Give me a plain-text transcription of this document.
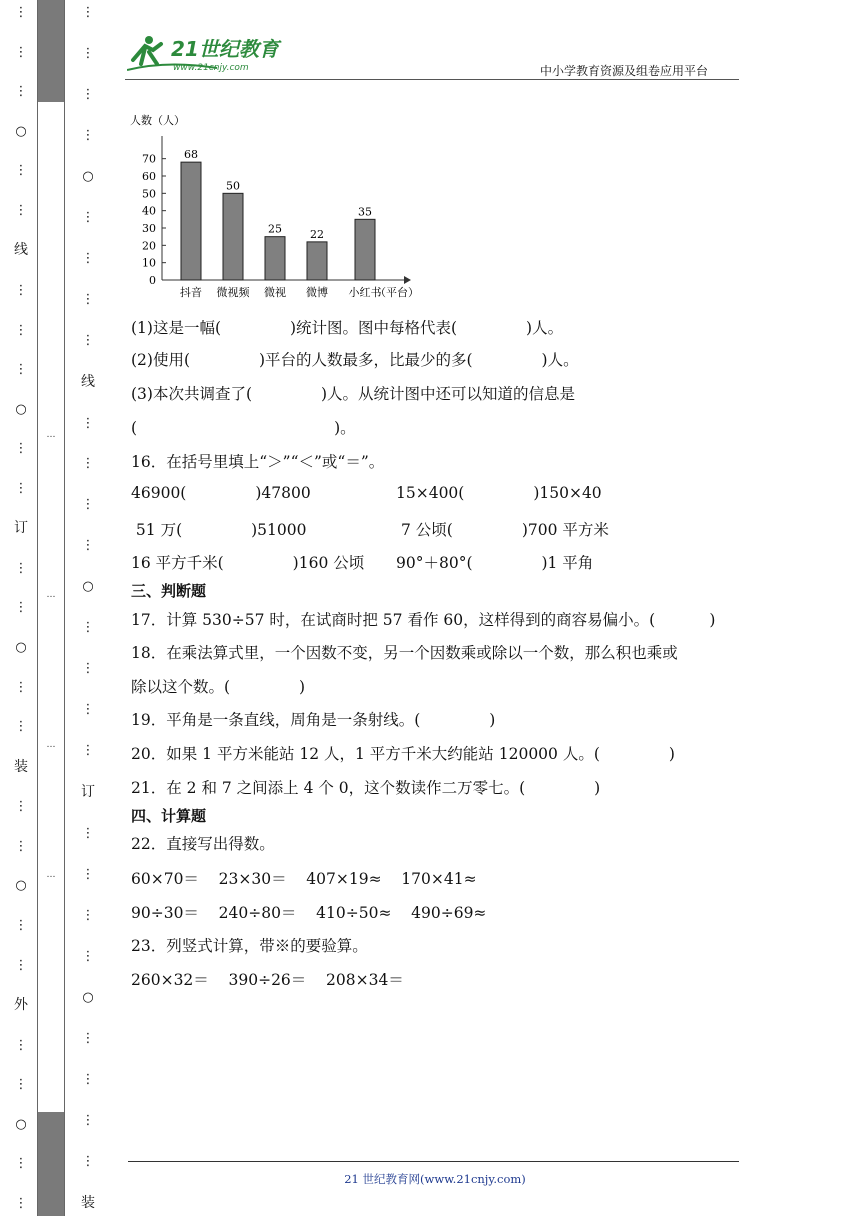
⋮
⋮
⋮
○
⋮
⋮
线
⋮
⋮
⋮
○
⋮
⋮
订
⋮
⋮
○
⋮
⋮
装
⋮
⋮
○
⋮
⋮
外
⋮
⋮
○
⋮
⋮
…
…
…
…
⋮
⋮
⋮
⋮
○
⋮
⋮
⋮
⋮
线
⋮
⋮
⋮
⋮
○
⋮
⋮
⋮
⋮
订
⋮
⋮
⋮
⋮
○
⋮
⋮
⋮
⋮
装
21世纪教育
www.21cnjy.com	中小学教育资源及组卷应用平台
人数（人）
0
10
20
30
40
50
60
70	68
抖音
50
微视频
25
微视
22
微博
35
小红书
（平台）
(1)这是一幅(              )统计图。图中每格代表(              )人。
(2)使用(              )平台的人数最多，比最少的多(              )人。
(3)本次共调查了(              )人。从统计图中还可以知道的信息是
(                                        )。
16．在括号里填上“＞”“＜”或“＝”。
46900(              )47800	15×400(              )150×40
51 万(              )51000	7 公顷(              )700 平方米
16 平方千米(              )160 公顷 90°＋80°(              )1 平角
三、判断题
17．计算 530÷57 时，在试商时把 57 看作 60，这样得到的商容易偏小。(           )
18．在乘法算式里，一个因数不变，另一个因数乘或除以一个数，那么积也乘或
除以这个数。(              )
19．平角是一条直线，周角是一条射线。(              )
20．如果 1 平方米能站 12 人，1 平方千米大约能站 120000 人。(              )
21．在 2 和 7 之间添上 4 个 0，这个数读作二万零七。(              )
四、计算题
22．直接写出得数。
60×70＝    23×30＝    407×19≈    170×41≈
90÷30＝    240÷80＝    410÷50≈    490÷69≈
23．列竖式计算，带※的要验算。
260×32＝    390÷26＝    208×34＝
21 世纪教育网(www.21cnjy.com)
